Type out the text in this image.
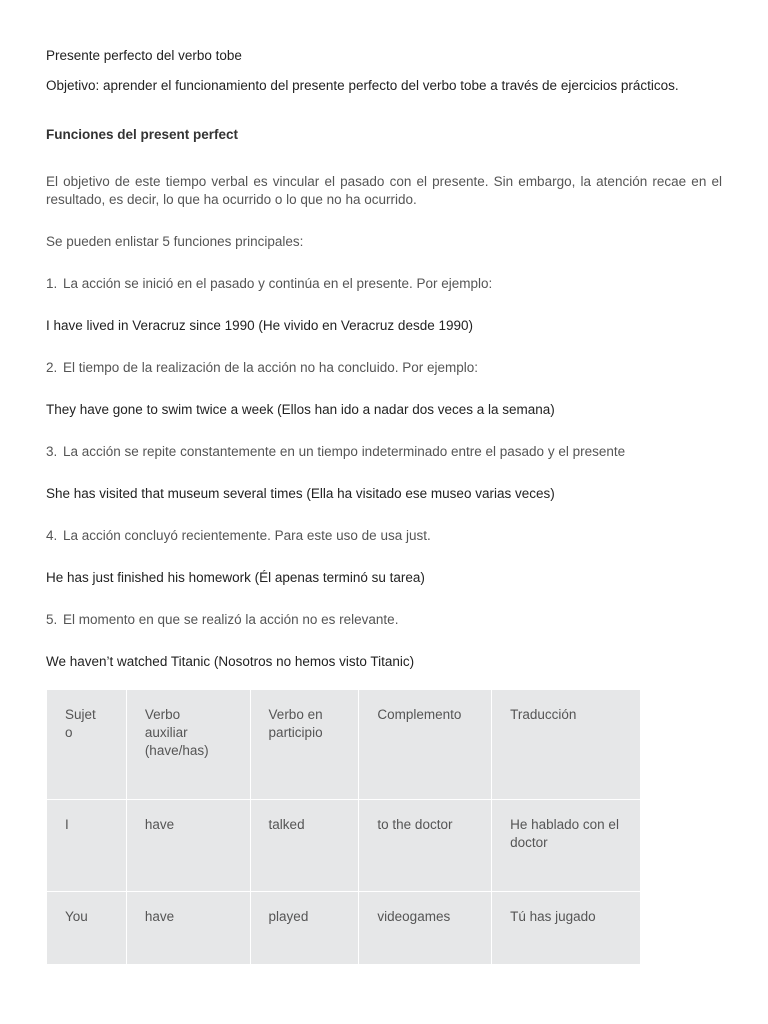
Presente perfecto del verbo tobe

Objetivo: aprender el funcionamiento del presente perfecto del verbo tobe a través de ejercicios prácticos.

Funciones del present perfect

El objetivo de este tiempo verbal es vincular el pasado con el presente. Sin embargo, la atención recae en el resultado, es decir, lo que ha ocurrido o lo que no ha ocurrido.

Se pueden enlistar 5 funciones principales:

1. La acción se inició en el pasado y continúa en el presente. Por ejemplo:

I have lived in Veracruz since 1990 (He vivido en Veracruz desde 1990)

2. El tiempo de la realización de la acción no ha concluido. Por ejemplo:

They have gone to swim twice a week (Ellos han ido a nadar dos veces a la semana)

3. La acción se repite constantemente en un tiempo indeterminado entre el pasado y el presente

She has visited that museum several times (Ella ha visitado ese museo varias veces)

4. La acción concluyó recientemente. Para este uso de usa just.

He has just finished his homework (Él apenas terminó su tarea)

5. El momento en que se realizó la acción no es relevante.

We haven’t watched Titanic (Nosotros no hemos visto Titanic)

Sujet o	Verbo auxiliar (have/has)	Verbo en participio	Complemento	Traducción
I	have	talked	to the doctor	He hablado con el doctor

You	have	played	videogames	Tú has jugado
